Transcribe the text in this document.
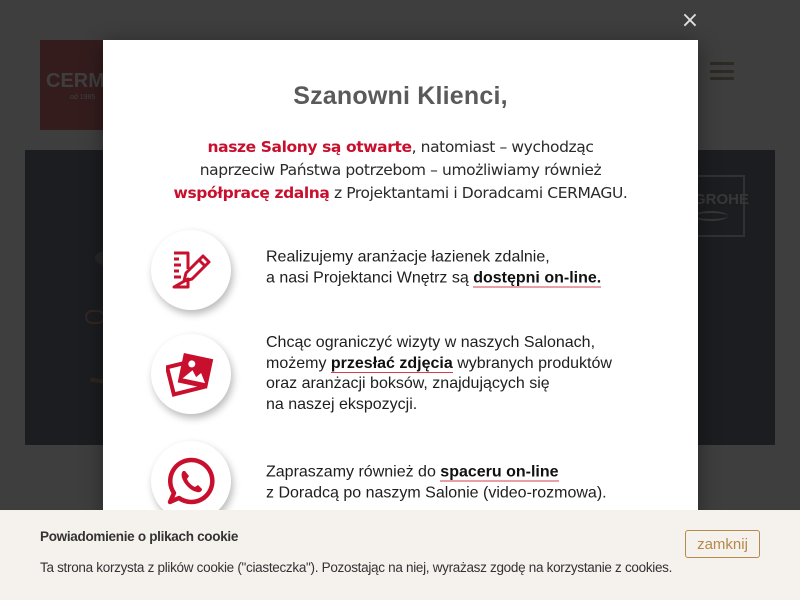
×
Szanowni Klienci,
nasze Salony są otwarte, natomiast – wychodząc
naprzeciw Państwa potrzebom – umożliwiamy również
współpracę zdalną z Projektantami i Doradcami CERMAGU.
Realizujemy aranżacje łazienek zdalnie,
a nasi Projektanci Wnętrz są dostępni on-line.
Chcąc ograniczyć wizyty w naszych Salonach,
możemy przesłać zdjęcia wybranych produktów
oraz aranżacji boksów, znajdujących się
na naszej ekspozycji.
Zapraszamy również do spaceru on-line
z Doradcą po naszym Salonie (video-rozmowa).
Powiadomienie o plikach cookie
Ta strona korzysta z plików cookie ("ciasteczka"). Pozostając na niej, wyrażasz zgodę na korzystanie z cookies.
zamknij
